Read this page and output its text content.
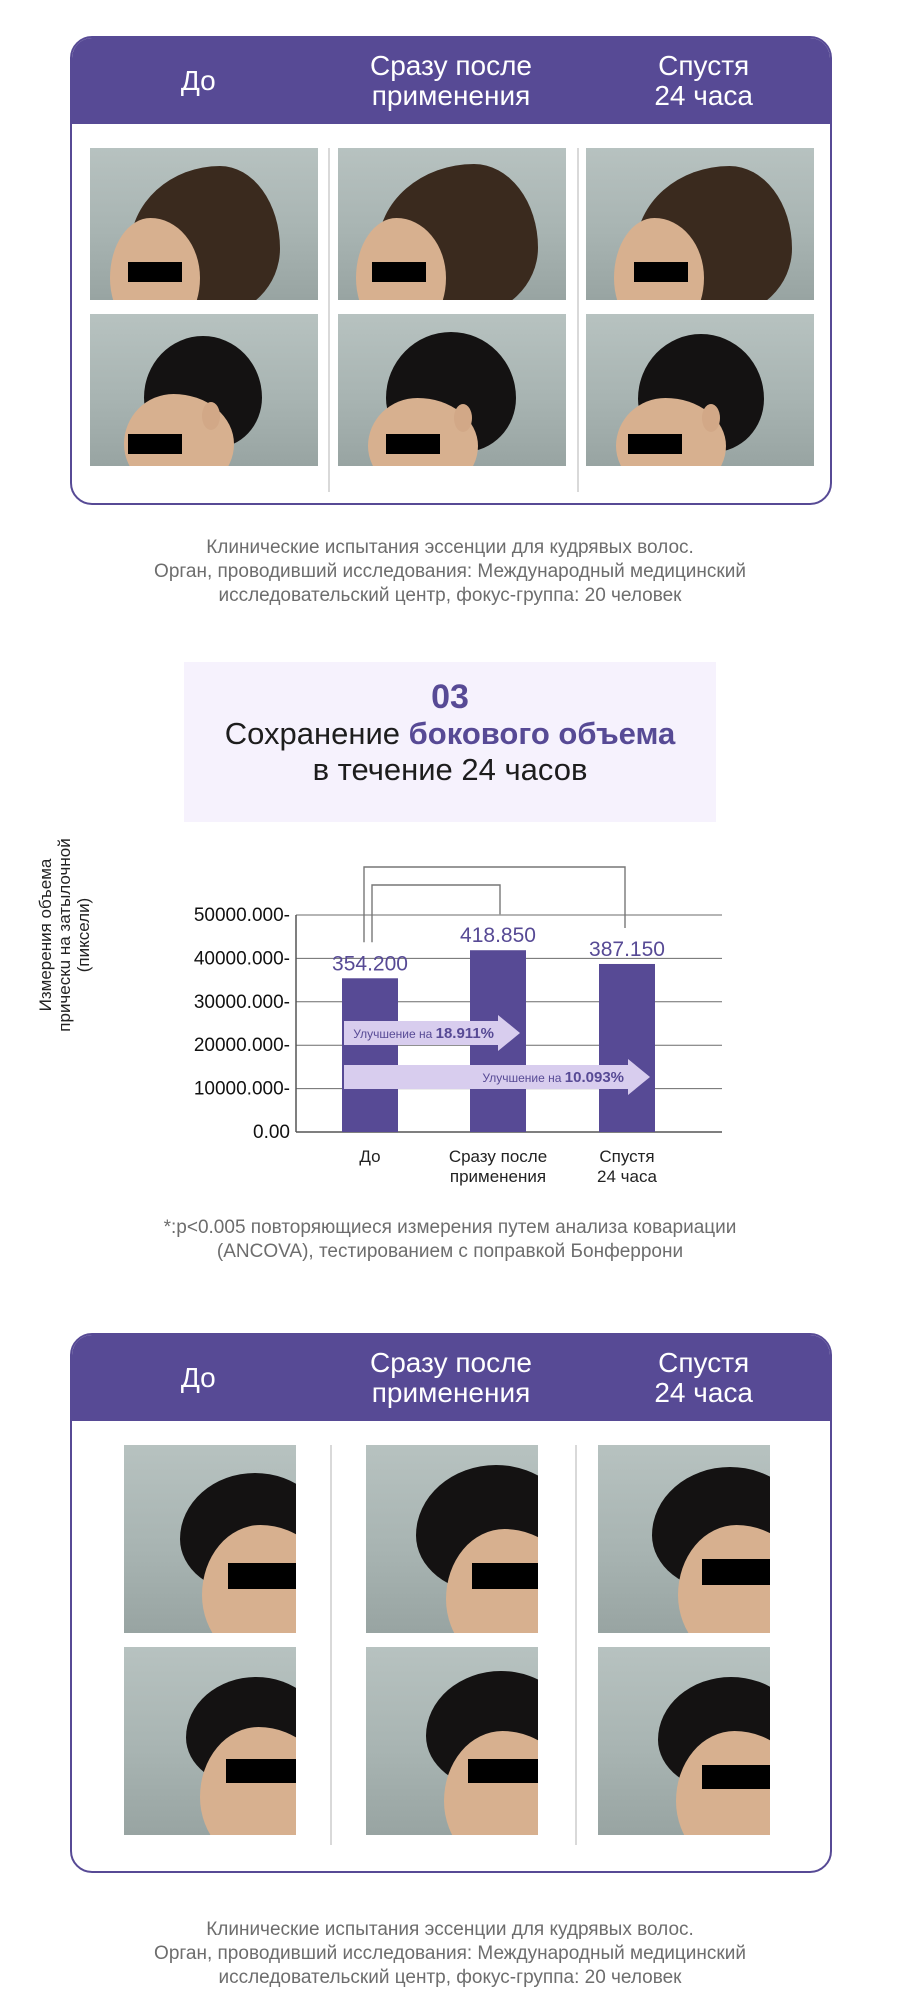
До	Сразу после
применения
Спустя
24 часа
Клинические испытания эссенции для кудрявых волос.
Орган, проводивший исследования: Международный медицинский
исследовательский центр, фокус-группа: 20 человек
03
Сохранение бокового объема
в течение 24 часов
Измерения объема
прическu на затылочной
(пиксели)
0.00
10000.000-
20000.000-
30000.000-
40000.000-
50000.000-
354.200
До
418.850
Сразу после
применения
387.150
Спустя
24 часа
Улучшение на 18.911%
Улучшение на 10.093%
*:p<0.005 повторяющиеся измерения путем анализа ковариации
(ANCOVA), тестированием с поправкой Бонферрони
До	Сразу после
применения
Спустя
24 часа
Клинические испытания эссенции для кудрявых волос.
Орган, проводивший исследования: Международный медицинский
исследовательский центр, фокус-группа: 20 человек
